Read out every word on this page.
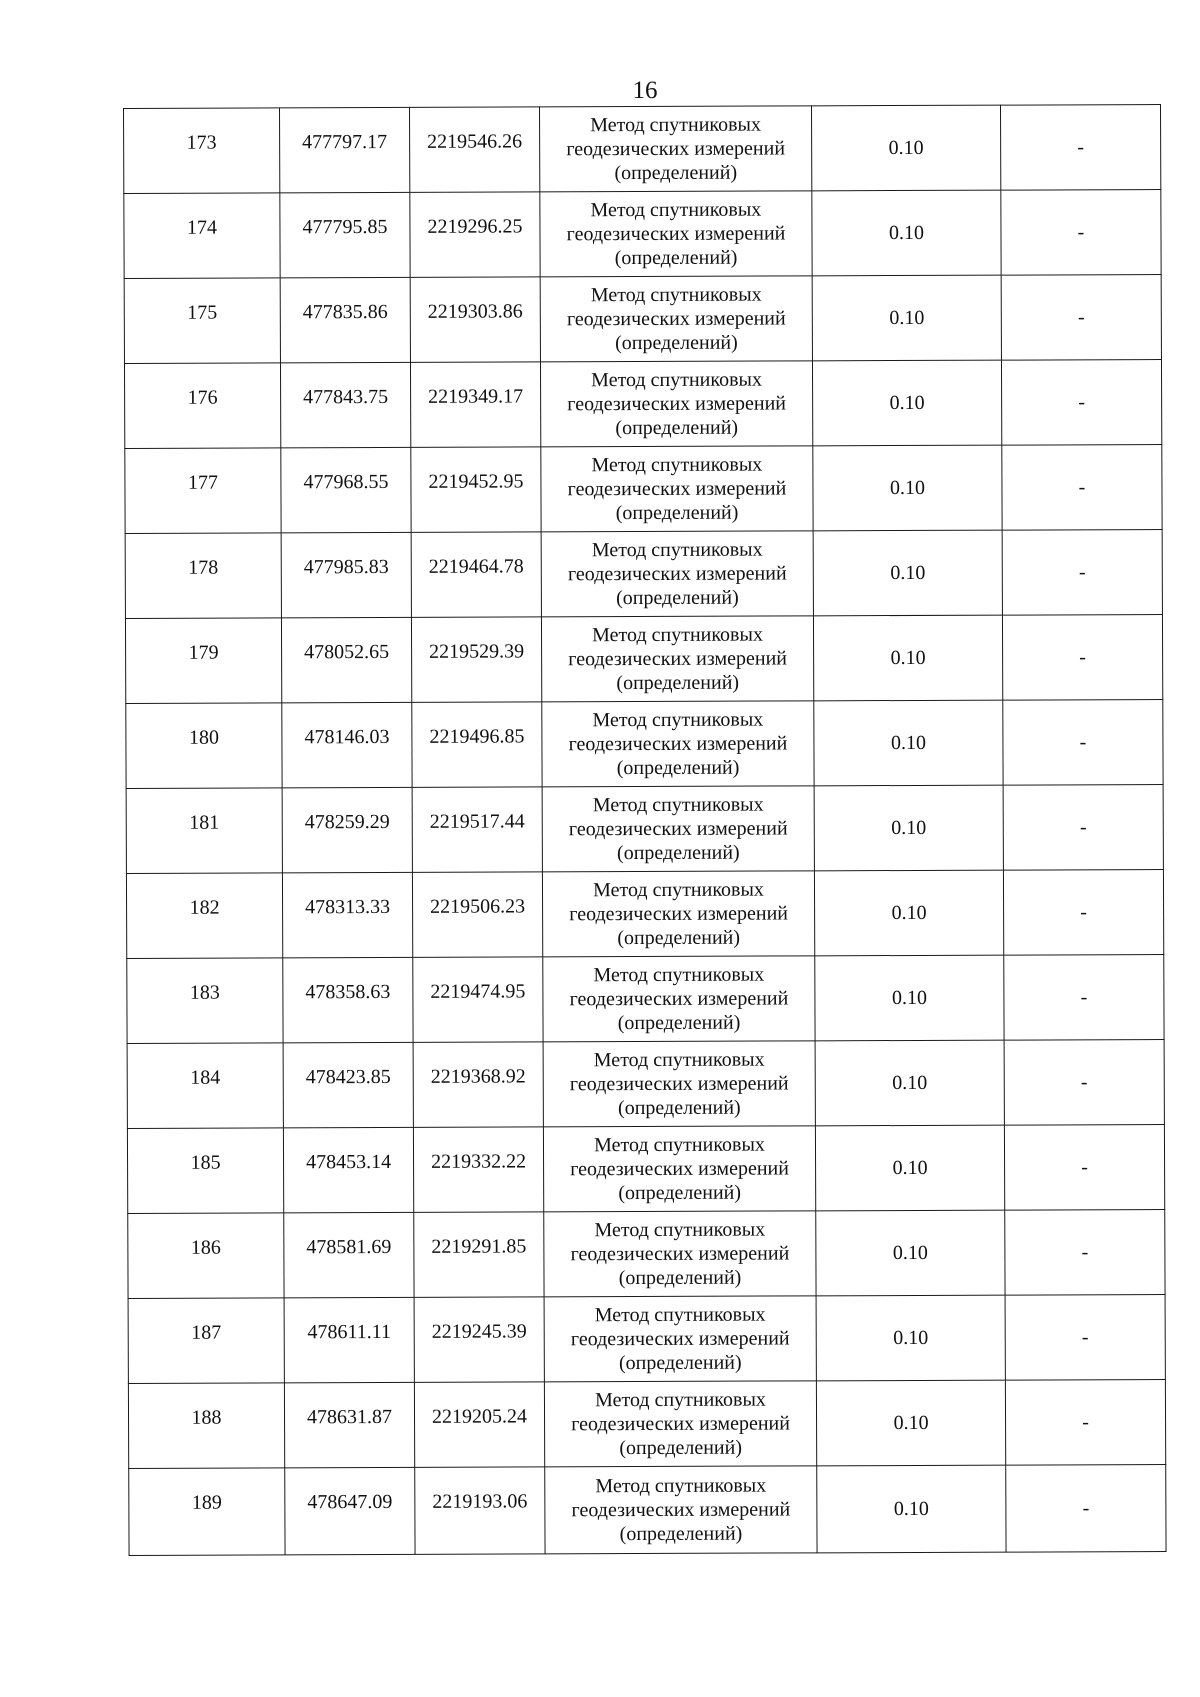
16
173	477797.17	2219546.26	Метод спутниковых
геодезических измерений
(определений)	0.10	-
174	477795.85	2219296.25	Метод спутниковых
геодезических измерений
(определений)	0.10	-
175	477835.86	2219303.86	Метод спутниковых
геодезических измерений
(определений)	0.10	-
176	477843.75	2219349.17	Метод спутниковых
геодезических измерений
(определений)	0.10	-
177	477968.55	2219452.95	Метод спутниковых
геодезических измерений
(определений)	0.10	-
178	477985.83	2219464.78	Метод спутниковых
геодезических измерений
(определений)	0.10	-
179	478052.65	2219529.39	Метод спутниковых
геодезических измерений
(определений)	0.10	-
180	478146.03	2219496.85	Метод спутниковых
геодезических измерений
(определений)	0.10	-
181	478259.29	2219517.44	Метод спутниковых
геодезических измерений
(определений)	0.10	-
182	478313.33	2219506.23	Метод спутниковых
геодезических измерений
(определений)	0.10	-
183	478358.63	2219474.95	Метод спутниковых
геодезических измерений
(определений)	0.10	-
184	478423.85	2219368.92	Метод спутниковых
геодезических измерений
(определений)	0.10	-
185	478453.14	2219332.22	Метод спутниковых
геодезических измерений
(определений)	0.10	-
186	478581.69	2219291.85	Метод спутниковых
геодезических измерений
(определений)	0.10	-
187	478611.11	2219245.39	Метод спутниковых
геодезических измерений
(определений)	0.10	-
188	478631.87	2219205.24	Метод спутниковых
геодезических измерений
(определений)	0.10	-
189	478647.09	2219193.06	Метод спутниковых
геодезических измерений
(определений)	0.10	-
